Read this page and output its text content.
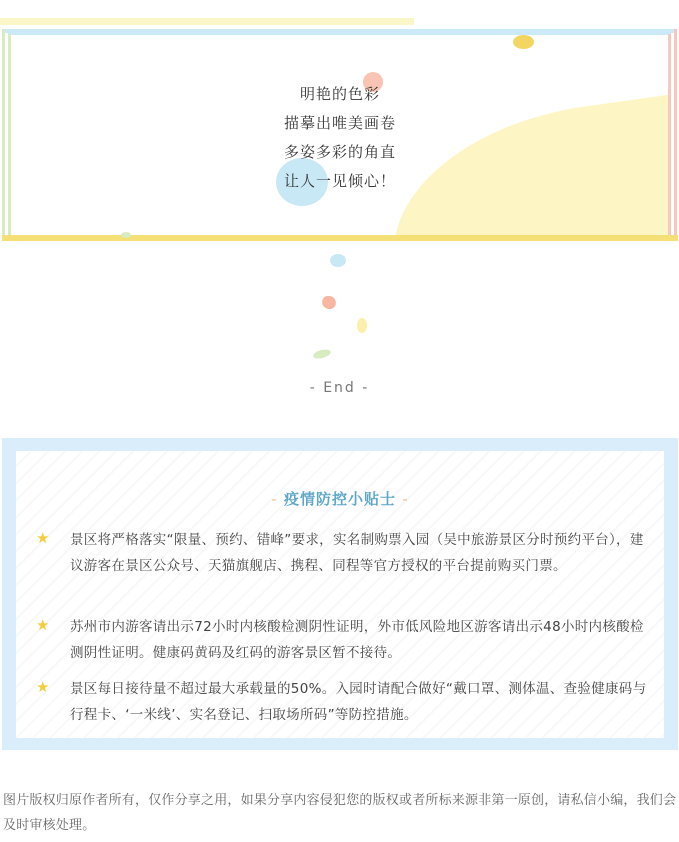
明艳的色彩
描摹出唯美画卷
多姿多彩的角直
让人一见倾心！
- End -
- 疫情防控小贴士 -
★ 景区将严格落实“限量、预约、错峰”要求，实名制购票入园（吴中旅游景区分时预约平台），建议游客在景区公众号、天猫旗舰店、携程、同程等官方授权的平台提前购买门票。
★ 苏州市内游客请出示72小时内核酸检测阴性证明，外市低风险地区游客请出示48小时内核酸检测阴性证明。健康码黄码及红码的游客景区暂不接待。
★ 景区每日接待量不超过最大承载量的50%。入园时请配合做好“戴口罩、测体温、查验健康码与行程卡、‘一米线’、实名登记、扫取场所码”等防控措施。
图片版权归原作者所有，仅作分享之用，如果分享内容侵犯您的版权或者所标来源非第一原创，请私信小编，我们会及时审核处理。
